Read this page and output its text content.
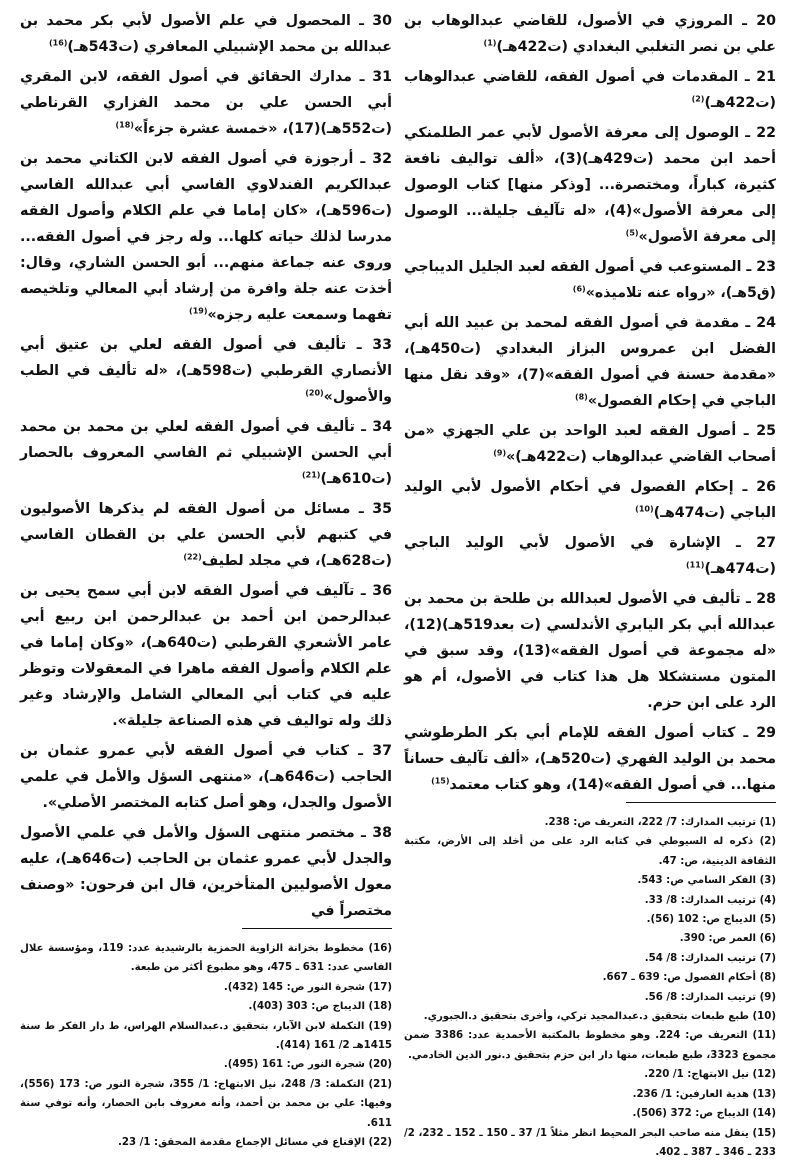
20 ـ المروزي في الأصول، للقاضي عبدالوهاب بن علي بن نصر التغلبي البغدادي (ت422هـ)$^{(1)}$

21 ـ المقدمات في أصول الفقه، للقاضي عبدالوهاب (ت422هـ)$^{(2)}$

22 ـ الوصول إلى معرفة الأصول لأبي عمر الطلمنكي أحمد ابن محمد (ت429هـ)(3)، «ألف تواليف نافعة كثيرة، كباراً، ومختصرة... [وذكر منها] كتاب الوصول إلى معرفة الأصول»(4)، «له تآليف جليلة... الوصول إلى معرفة الأصول»$^{(5)}$

23 ـ المستوعب في أصول الفقه لعبد الجليل الديباجي (ق5هـ)، «رواه عنه تلاميذه»$^{(6)}$

24 ـ مقدمة في أصول الفقه لمحمد بن عبيد الله أبي الفضل ابن عمروس البزاز البغدادي (ت450هـ)، «مقدمة حسنة في أصول الفقه»(7)، «وقد نقل منها الباجي في إحكام الفصول»$^{(8)}$

25 ـ أصول الفقه لعبد الواحد بن علي الجهزي «من أصحاب القاضي عبدالوهاب (ت422هـ)»$^{(9)}$

26 ـ إحكام الفصول في أحكام الأصول لأبي الوليد الباجي (ت474هـ)$^{(10)}$

27 ـ الإشارة في الأصول لأبي الوليد الباجي (ت474هـ)$^{(11)}$

28 ـ تأليف في الأصول لعبدالله بن طلحة بن محمد بن عبدالله أبي بكر اليابري الأندلسي (ت بعد519هـ)(12)، «له مجموعة في أصول الفقه»(13)، وقد سبق في المتون مستشكلا هل هذا كتاب في الأصول، أم هو الرد على ابن حزم.

29 ـ كتاب أصول الفقه للإمام أبي بكر الطرطوشي محمد بن الوليد الفهري (ت520هـ)، «ألف تآليف حساناً منها... في أصول الفقه»(14)، وهو كتاب معتمد$^{(15)}$

(1) ترتيب المدارك: 7/ 222، التعريف ص: 238.

(2) ذكره له السيوطي في كتابه الرد على من أخلد إلى الأرض، مكتبة الثقافة الدينية، ص: 47.

(3) الفكر السامي ص: 543.

(4) ترتيب المدارك: 8/ 33.

(5) الديباج ص: 102 (56).

(6) العمر ص: 390.

(7) ترتيب المدارك: 8/ 54.

(8) أحكام الفصول ص: 639 ـ 667.

(9) ترتيب المدارك: 8/ 56.

(10) طبع طبعات بتحقيق د.عبدالمجيد تركي، وأخرى بتحقيق د.الجبوري.

(11) التعريف ص: 224. وهو مخطوط بالمكتبة الأحمدية عدد: 3386 ضمن مجموع 3323، طبع طبعات، منها دار ابن حزم بتحقيق د.نور الدين الخادمي.

(12) نيل الابتهاج: 1/ 220.

(13) هدية العارفين: 1/ 236.

(14) الديباج ص: 372 (506).

(15) ينقل منه صاحب البحر المحيط انظر مثلاً 1/ 37 ـ 150 ـ 152 ـ 232، 2/ 233 ـ 346 ـ 387 ـ 402.

30 ـ المحصول في علم الأصول لأبي بكر محمد بن عبدالله بن محمد الإشبيلي المعافري (ت543هـ)$^{(16)}$

31 ـ مدارك الحقائق في أصول الفقه، لابن المقري أبي الحسن علي بن محمد الفزاري القرناطي (ت552هـ)(17)، «خمسة عشرة جزءاً»$^{(18)}$

32 ـ أرجوزة في أصول الفقه لابن الكتاني محمد بن عبدالكريم الفندلاوي الفاسي أبي عبدالله الفاسي (ت596هـ)، «كان إماما في علم الكلام وأصول الفقه مدرسا لذلك حياته كلها... وله رجز في أصول الفقه... وروى عنه جماعة منهم... أبو الحسن الشاري، وقال: أخذت عنه جلة وافرة من إرشاد أبي المعالي وتلخيصه تفهما وسمعت عليه رجزه»$^{(19)}$

33 ـ تأليف في أصول الفقه لعلي بن عتيق أبي الأنصاري القرطبي (ت598هـ)، «له تأليف في الطب والأصول»$^{(20)}$

34 ـ تأليف في أصول الفقه لعلي بن محمد بن محمد أبي الحسن الإشبيلي ثم الفاسي المعروف بالحصار (ت610هـ)$^{(21)}$

35 ـ مسائل من أصول الفقه لم يذكرها الأصوليون في كتبهم لأبي الحسن علي بن القطان الفاسي (ت628هـ)، في مجلد لطيف$^{(22)}$

36 ـ تآليف في أصول الفقه لابن أبي سمح يحيى بن عبدالرحمن ابن أحمد بن عبدالرحمن ابن ربيع أبي عامر الأشعري القرطبي (ت640هـ)، «وكان إماما في علم الكلام وأصول الفقه ماهرا في المعقولات وتوظر عليه في كتاب أبي المعالي الشامل والإرشاد وغير ذلك وله تواليف في هذه الصناعة جليلة».

37 ـ كتاب في أصول الفقه لأبي عمرو عثمان بن الحاجب (ت646هـ)، «منتهى السؤل والأمل في علمي الأصول والجدل، وهو أصل كتابه المختصر الأصلي».

38 ـ مختصر منتهى السؤل والأمل في علمي الأصول والجدل لأبي عمرو عثمان بن الحاجب (ت646هـ)، عليه معول الأصوليين المتأخرين، قال ابن فرحون: «وصنف مختصراً في

(16) مخطوط بخزانة الزاوية الحمزية بالرشيدية عدد: 119، ومؤسسة علال الفاسي عدد: 631 ـ 475، وهو مطبوع أكثر من طبعة.

(17) شجرة النور ص: 145 (432).

(18) الديباج ص: 303 (403).

(19) التكملة لابن الآبار، بتحقيق د.عبدالسلام الهراس، ط دار الفكر ط سنة 1415هـ 2/ 161 (414).

(20) شجرة النور ص: 161 (495).

(21) التكملة: 3/ 248، نيل الابتهاج: 1/ 355، شجرة النور ص: 173 (556)، وفيها: علي بن محمد بن أحمد، وأنه معروف بابن الحصار، وأنه توفي سنة 611.

(22) الإقناع في مسائل الإجماع مقدمة المحقق: 1/ 23.
